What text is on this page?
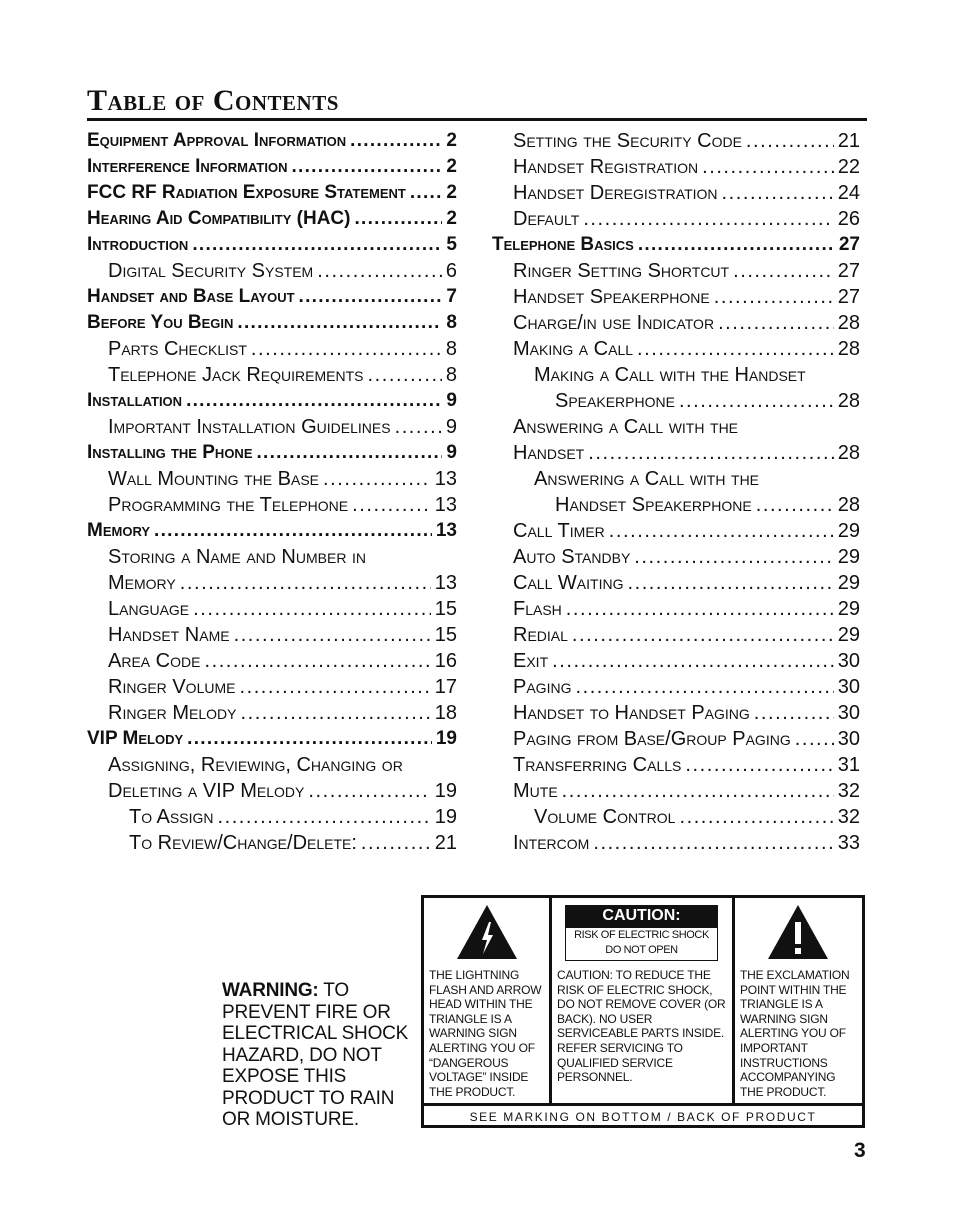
Table of Contents
Equipment Approval Information . . .	2
Interference Information . . .	2
FCC RF Radiation Exposure Statement . . . 2
Hearing Aid Compatibility (HAC) . . .	2
Introduction . . .	5
Digital Security System . . .	6
Handset and Base Layout . . .	7
Before You Begin . . .	8
Parts Checklist . . .	8
Telephone Jack Requirements . . .	8
Installation . . .	9
Important Installation Guidelines . . .	9
Installing the Phone . . .	9
Wall Mounting the Base . . .	13
Programming the Telephone . . .	13
Memory . . .	13
Storing a Name and Number in
Memory . . .	13
Language . . .	15
Handset Name . . .	15
Area Code . . .	16
Ringer Volume . . .	17
Ringer Melody . . .	18
VIP Melody . . .	19
Assigning, Reviewing, Changing or
Deleting a VIP Melody . . .	19
To Assign . . .	19
To Review/Change/Delete: . . .	21
Setting the Security Code . . .	21
Handset Registration . . .	22
Handset Deregistration . . .	24
Default . . .	26
Telephone Basics . . .	27
Ringer Setting Shortcut . . .	27
Handset Speakerphone . . .	27
Charge/in use Indicator . . .	28
Making a Call . . .	28
Making a Call with the Handset
Speakerphone . . .	28
Answering a Call with the
Handset . . .	28
Answering a Call with the
Handset Speakerphone . . .	28
Call Timer . . .	29
Auto Standby . . .	29
Call Waiting . . .	29
Flash . . .	29
Redial . . .	29
Exit . . .	30
Paging . . .	30
Handset to Handset Paging . . .	30
Paging from Base/Group Paging . . . 30
Transferring Calls . . .	31
Mute . . .	32
Volume Control . . .	32
Intercom . . .	33
WARNING: TO PREVENT FIRE OR ELECTRICAL SHOCK HAZARD, DO NOT EXPOSE THIS PRODUCT TO RAIN OR MOISTURE.
THE LIGHTNING FLASH AND ARROW HEAD WITHIN THE TRIANGLE IS A WARNING SIGN ALERTING YOU OF “DANGEROUS VOLTAGE” INSIDE THE PRODUCT.
CAUTION:
RISK OF ELECTRIC SHOCK
DO NOT OPEN
CAUTION: TO REDUCE THE RISK OF ELECTRIC SHOCK, DO NOT REMOVE COVER (OR BACK). NO USER SERVICEABLE PARTS INSIDE. REFER SERVICING TO QUALIFIED SERVICE PERSONNEL.
THE EXCLAMATION POINT WITHIN THE TRIANGLE IS A WARNING SIGN ALERTING YOU OF IMPORTANT INSTRUCTIONS ACCOMPANYING THE PRODUCT.
SEE MARKING ON BOTTOM / BACK OF PRODUCT
3
